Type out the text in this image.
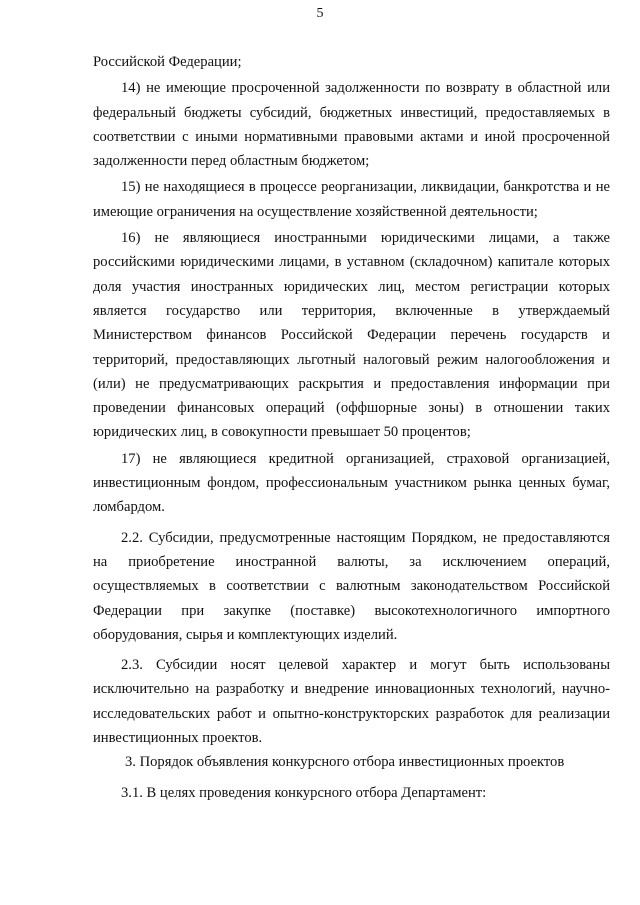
5

Российской Федерации;

14) не имеющие просроченной задолженности по возврату в областной или федеральный бюджеты субсидий, бюджетных инвестиций, предоставляемых в соответствии с иными нормативными правовыми актами и иной просроченной задолженности перед областным бюджетом;

15) не находящиеся в процессе реорганизации, ликвидации, банкротства и не имеющие ограничения на осуществление хозяйственной деятельности;

16) не являющиеся иностранными юридическими лицами, а также российскими юридическими лицами, в уставном (складочном) капитале которых доля участия иностранных юридических лиц, местом регистрации которых является государство или территория, включенные в утверждаемый Министерством финансов Российской Федерации перечень государств и территорий, предоставляющих льготный налоговый режим налогообложения и (или) не предусматривающих раскрытия и предоставления информации при проведении финансовых операций (оффшорные зоны) в отношении таких юридических лиц, в совокупности превышает 50 процентов;

17) не являющиеся кредитной организацией, страховой организацией, инвестиционным фондом, профессиональным участником рынка ценных бумаг, ломбардом.

2.2. Субсидии, предусмотренные настоящим Порядком, не предоставляются на приобретение иностранной валюты, за исключением операций, осуществляемых в соответствии с валютным законодательством Российской Федерации при закупке (поставке) высокотехнологичного импортного оборудования, сырья и комплектующих изделий.

2.3. Субсидии носят целевой характер и могут быть использованы исключительно на разработку и внедрение инновационных технологий, научно-исследовательских работ и опытно-конструкторских разработок для реализации инвестиционных проектов.

3. Порядок объявления конкурсного отбора инвестиционных проектов

3.1. В целях проведения конкурсного отбора Департамент:
